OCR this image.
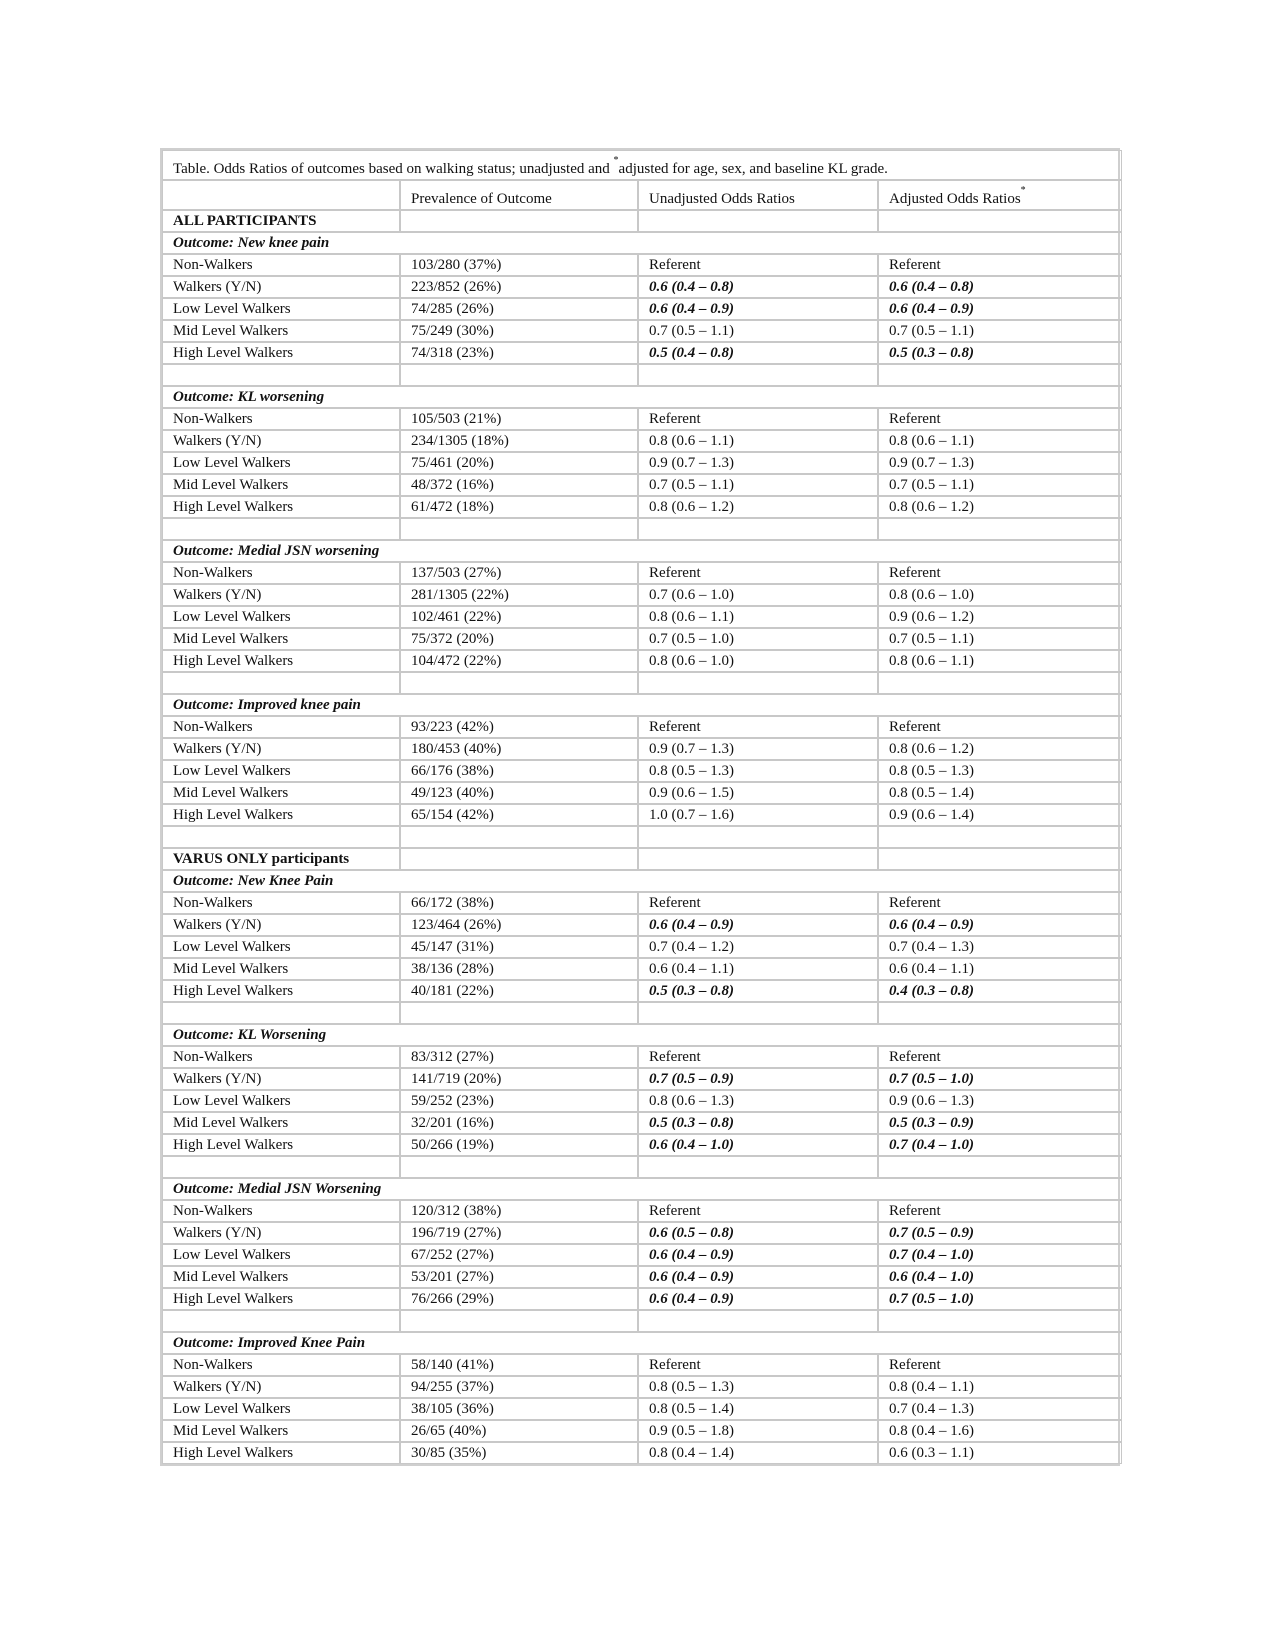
Table. Odds Ratios of outcomes based on walking status; unadjusted and *adjusted for age, sex, and baseline KL grade.			
	Prevalence of Outcome	Unadjusted Odds Ratios	Adjusted Odds Ratios*
ALL PARTICIPANTS			
Outcome: New knee pain			
Non-Walkers	103/280 (37%)	Referent	Referent
Walkers (Y/N)	223/852 (26%)	0.6 (0.4 – 0.8)	0.6 (0.4 – 0.8)
Low Level Walkers	74/285 (26%)	0.6 (0.4 – 0.9)	0.6 (0.4 – 0.9)
Mid Level Walkers	75/249 (30%)	0.7 (0.5 – 1.1)	0.7 (0.5 – 1.1)
High Level Walkers	74/318 (23%)	0.5 (0.4 – 0.8)	0.5 (0.3 – 0.8)

Outcome: KL worsening			
Non-Walkers	105/503 (21%)	Referent	Referent
Walkers (Y/N)	234/1305 (18%)	0.8 (0.6 – 1.1)	0.8 (0.6 – 1.1)
Low Level Walkers	75/461 (20%)	0.9 (0.7 – 1.3)	0.9 (0.7 – 1.3)
Mid Level Walkers	48/372 (16%)	0.7 (0.5 – 1.1)	0.7 (0.5 – 1.1)
High Level Walkers	61/472 (18%)	0.8 (0.6 – 1.2)	0.8 (0.6 – 1.2)

Outcome: Medial JSN worsening			
Non-Walkers	137/503 (27%)	Referent	Referent
Walkers (Y/N)	281/1305 (22%)	0.7 (0.6 – 1.0)	0.8 (0.6 – 1.0)
Low Level Walkers	102/461 (22%)	0.8 (0.6 – 1.1)	0.9 (0.6 – 1.2)
Mid Level Walkers	75/372 (20%)	0.7 (0.5 – 1.0)	0.7 (0.5 – 1.1)
High Level Walkers	104/472 (22%)	0.8 (0.6 – 1.0)	0.8 (0.6 – 1.1)

Outcome: Improved knee pain			
Non-Walkers	93/223 (42%)	Referent	Referent
Walkers (Y/N)	180/453 (40%)	0.9 (0.7 – 1.3)	0.8 (0.6 – 1.2)
Low Level Walkers	66/176 (38%)	0.8 (0.5 – 1.3)	0.8 (0.5 – 1.3)
Mid Level Walkers	49/123 (40%)	0.9 (0.6 – 1.5)	0.8 (0.5 – 1.4)
High Level Walkers	65/154 (42%)	1.0 (0.7 – 1.6)	0.9 (0.6 – 1.4)

VARUS ONLY participants			
Outcome: New Knee Pain			
Non-Walkers	66/172 (38%)	Referent	Referent
Walkers (Y/N)	123/464 (26%)	0.6 (0.4 – 0.9)	0.6 (0.4 – 0.9)
Low Level Walkers	45/147 (31%)	0.7 (0.4 – 1.2)	0.7 (0.4 – 1.3)
Mid Level Walkers	38/136 (28%)	0.6 (0.4 – 1.1)	0.6 (0.4 – 1.1)
High Level Walkers	40/181 (22%)	0.5 (0.3 – 0.8)	0.4 (0.3 – 0.8)

Outcome: KL Worsening			
Non-Walkers	83/312 (27%)	Referent	Referent
Walkers (Y/N)	141/719 (20%)	0.7 (0.5 – 0.9)	0.7 (0.5 – 1.0)
Low Level Walkers	59/252 (23%)	0.8 (0.6 – 1.3)	0.9 (0.6 – 1.3)
Mid Level Walkers	32/201 (16%)	0.5 (0.3 – 0.8)	0.5 (0.3 – 0.9)
High Level Walkers	50/266 (19%)	0.6 (0.4 – 1.0)	0.7 (0.4 – 1.0)

Outcome: Medial JSN Worsening			
Non-Walkers	120/312 (38%)	Referent	Referent
Walkers (Y/N)	196/719 (27%)	0.6 (0.5 – 0.8)	0.7 (0.5 – 0.9)
Low Level Walkers	67/252 (27%)	0.6 (0.4 – 0.9)	0.7 (0.4 – 1.0)
Mid Level Walkers	53/201 (27%)	0.6 (0.4 – 0.9)	0.6 (0.4 – 1.0)
High Level Walkers	76/266 (29%)	0.6 (0.4 – 0.9)	0.7 (0.5 – 1.0)

Outcome: Improved Knee Pain			
Non-Walkers	58/140 (41%)	Referent	Referent
Walkers (Y/N)	94/255 (37%)	0.8 (0.5 – 1.3)	0.8 (0.4 – 1.1)
Low Level Walkers	38/105 (36%)	0.8 (0.5 – 1.4)	0.7 (0.4 – 1.3)
Mid Level Walkers	26/65 (40%)	0.9 (0.5 – 1.8)	0.8 (0.4 – 1.6)
High Level Walkers	30/85 (35%)	0.8 (0.4 – 1.4)	0.6 (0.3 – 1.1)
